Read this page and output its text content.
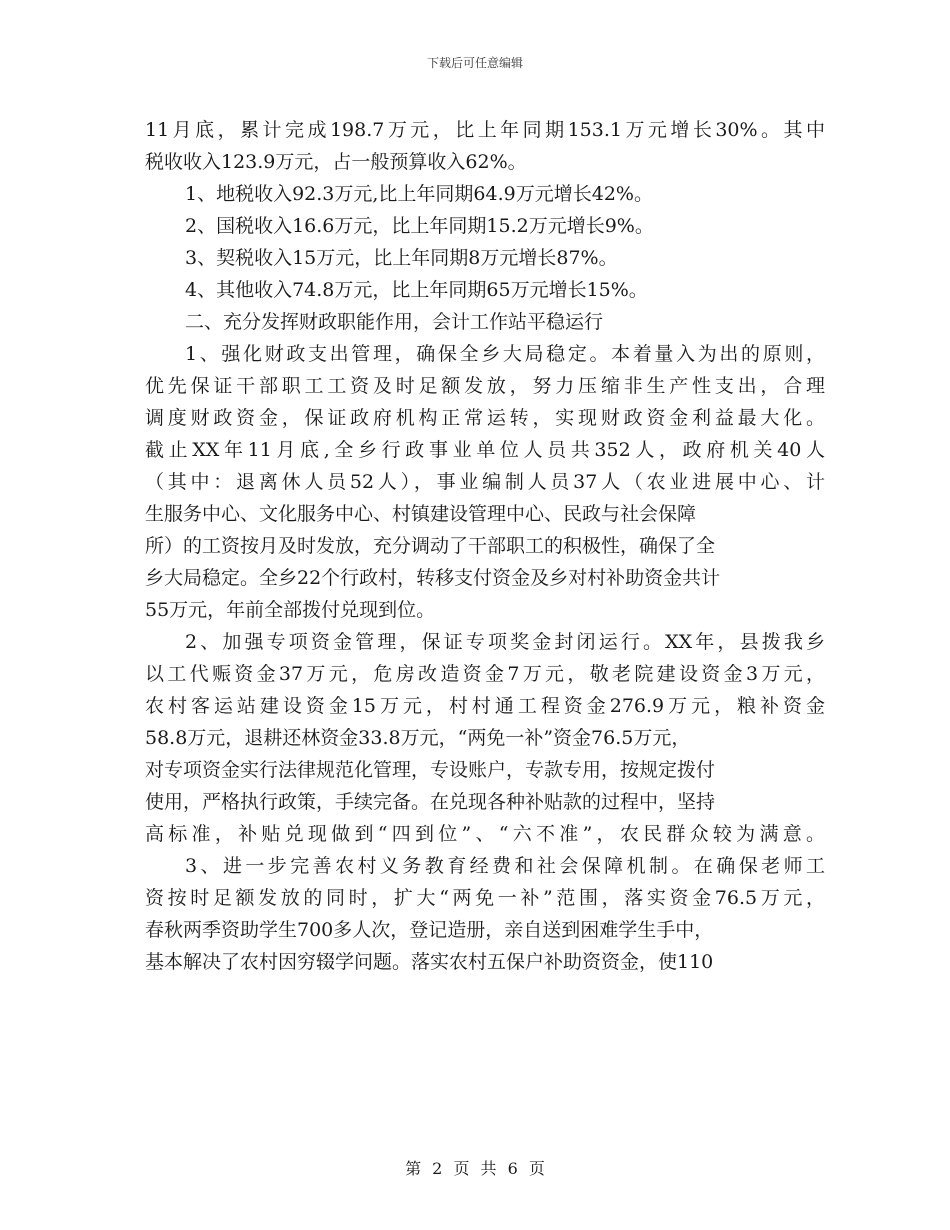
下载后可任意编辑
11月底，累计完成198.7万元，比上年同期153.1万元增长30%。其中
税收收入123.9万元，占一般预算收入62%。
1、地税收入92.3万元,比上年同期64.9万元增长42%。
2、国税收入16.6万元，比上年同期15.2万元增长9%。
3、契税收入15万元，比上年同期8万元增长87%。
4、其他收入74.8万元，比上年同期65万元增长15%。
二、充分发挥财政职能作用，会计工作站平稳运行
1、强化财政支出管理，确保全乡大局稳定。本着量入为出的原则，
优先保证干部职工工资及时足额发放，努力压缩非生产性支出，合理
调度财政资金，保证政府机构正常运转，实现财政资金利益最大化。
截止XX年11月底,全乡行政事业单位人员共352人，政府机关40人
（其中：退离休人员52人），事业编制人员37人（农业进展中心、计
生服务中心、文化服务中心、村镇建设管理中心、民政与社会保障
所）的工资按月及时发放，充分调动了干部职工的积极性，确保了全
乡大局稳定。全乡22个行政村，转移支付资金及乡对村补助资金共计
55万元，年前全部拨付兑现到位。
2、加强专项资金管理，保证专项奖金封闭运行。XX年，县拨我乡
以工代赈资金37万元，危房改造资金7万元，敬老院建设资金3万元，
农村客运站建设资金15万元，村村通工程资金276.9万元，粮补资金
58.8万元，退耕还林资金33.8万元，“两免一补”资金76.5万元，
对专项资金实行法律规范化管理，专设账户，专款专用，按规定拨付
使用，严格执行政策，手续完备。在兑现各种补贴款的过程中，坚持
高标准，补贴兑现做到“四到位”、“六不准”，农民群众较为满意。
3、进一步完善农村义务教育经费和社会保障机制。在确保老师工
资按时足额发放的同时，扩大“两免一补”范围，落实资金76.5万元，
春秋两季资助学生700多人次，登记造册，亲自送到困难学生手中，
基本解决了农村因穷辍学问题。落实农村五保户补助资资金，使110
第 2 页 共 6 页
